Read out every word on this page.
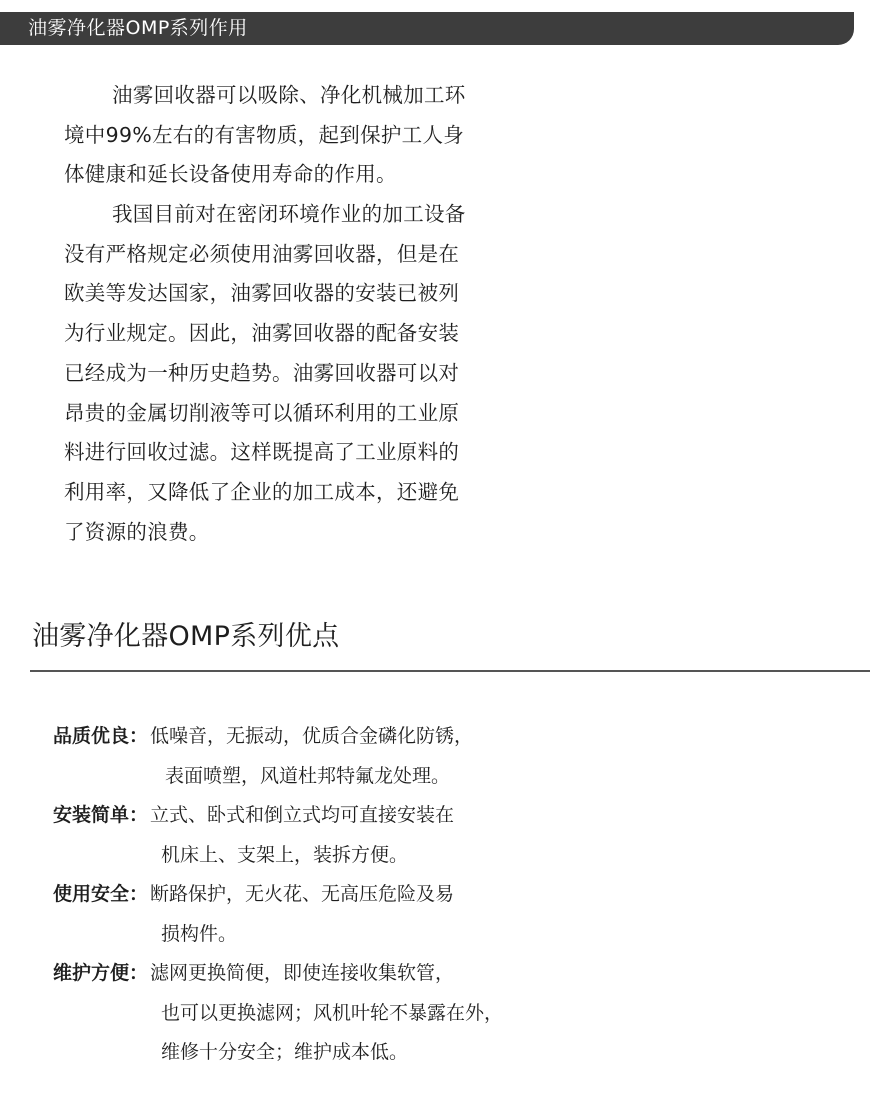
油雾净化器OMP系列作用
油雾回收器可以吸除、净化机械加工环
境中99%左右的有害物质，起到保护工人身
体健康和延长设备使用寿命的作用。
我国目前对在密闭环境作业的加工设备
没有严格规定必须使用油雾回收器，但是在
欧美等发达国家，油雾回收器的安装已被列
为行业规定。因此，油雾回收器的配备安装
已经成为一种历史趋势。油雾回收器可以对
昂贵的金属切削液等可以循环利用的工业原
料进行回收过滤。这样既提高了工业原料的
利用率，又降低了企业的加工成本，还避免
了资源的浪费。
油雾净化器OMP系列优点
品质优良： 低噪音，无振动，优质合金磷化防锈，
表面喷塑，风道杜邦特氟龙处理。
安装简单： 立式、卧式和倒立式均可直接安装在
机床上、支架上，装拆方便。
使用安全： 断路保护，无火花、无高压危险及易
损构件。
维护方便： 滤网更换简便，即使连接收集软管，
也可以更换滤网；风机叶轮不暴露在外，
维修十分安全；维护成本低。
